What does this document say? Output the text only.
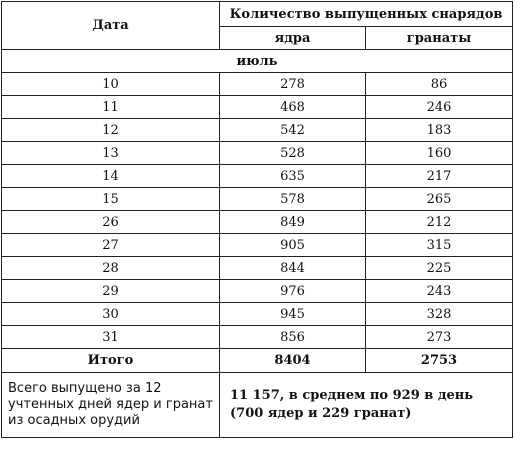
Дата	Количество выпущенных снарядов	
	ядра	гранаты
июль		
10	278	86
11	468	246
12	542	183
13	528	160
14	635	217
15	578	265
26	849	212
27	905	315
28	844	225
29	976	243
30	945	328
31	856	273
Итого	8404	2753
Всего выпущено за 12 учтенных дней ядер и гранат из осадных орудий	11 157, в среднем по 929 в день
(700 ядер и 229 гранат)	
